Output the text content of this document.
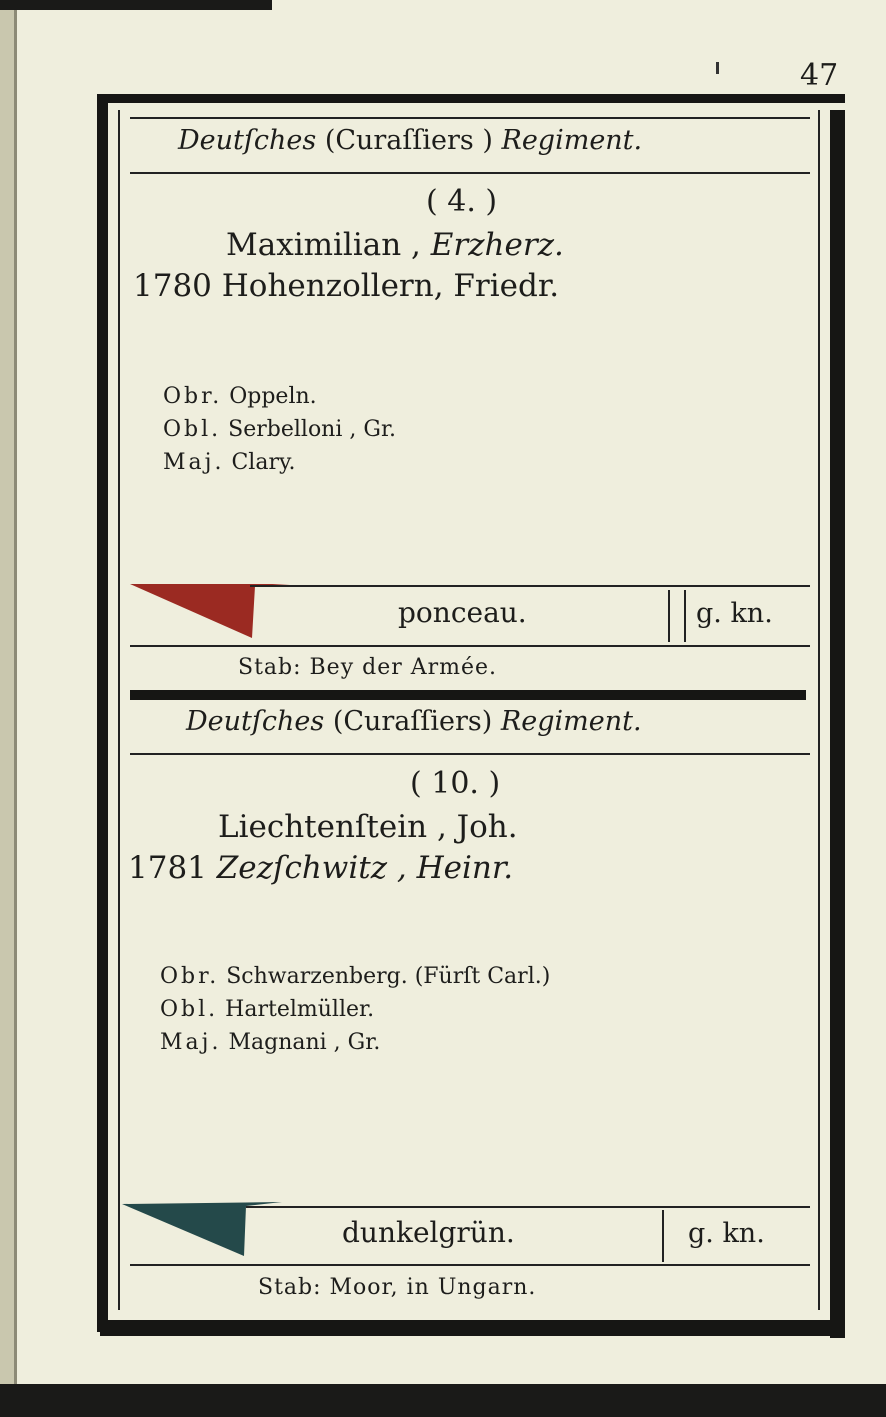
47
Deutſches (Curaſſiers ) Regiment.
( 4. )
Maximilian , Erzherz.
1780 Hohenzollern, Friedr.
Obr. Oppeln.
Obl. Serbelloni , Gr.
Maj. Clary.
ponceau.	g. kn.
Stab: Bey der Armée.
Deutſches (Curaſſiers) Regiment.
( 10. )
Liechtenſtein , Joh.
1781 Zezſchwitz , Heinr.
Obr. Schwarzenberg. (Fürſt Carl.)
Obl. Hartelmüller.
Maj. Magnani , Gr.
dunkelgrün.	g. kn.
Stab: Moor, in Ungarn.
